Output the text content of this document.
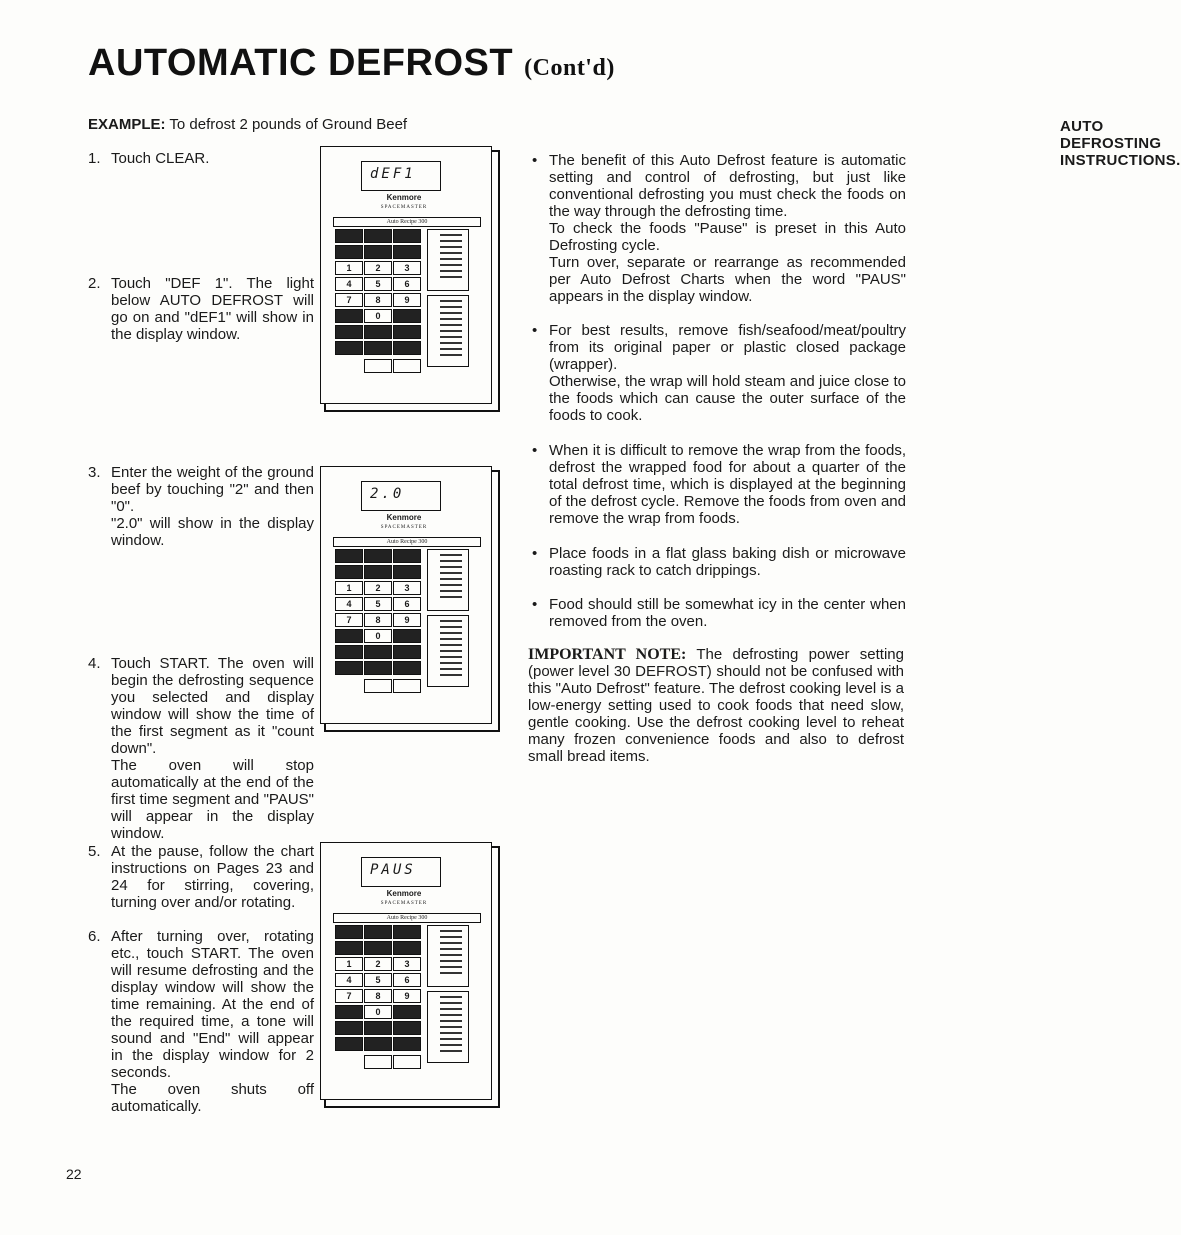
AUTOMATIC DEFROST (Cont'd)
EXAMPLE: To defrost 2 pounds of Ground Beef
1. Touch CLEAR.
2. Touch "DEF 1". The light below AUTO DEFROST will go on and "dEF1" will show in the display window.
3. Enter the weight of the ground beef by touching "2" and then "0".
"2.0" will show in the display window.
4. Touch START. The oven will begin the defrosting sequence you selected and display window will show the time of the first segment as it "count down".
The oven will stop automatically at the end of the first time segment and "PAUS" will appear in the display window.
5. At the pause, follow the chart instructions on Pages 23 and 24 for stirring, covering, turning over and/or rotating.
6. After turning over, rotating etc., touch START. The oven will resume defrosting and the display window will show the time remaining. At the end of the required time, a tone will sound and "End" will appear in the display window for 2 seconds.
The oven shuts off automatically.
dEF1
Kenmore
SPACEMASTER
Auto Recipe 300
1	2	3
4	5	6
7	8	9
0
2.0
Kenmore
SPACEMASTER
Auto Recipe 300
1	2	3
4	5	6
7	8	9
0
PAUS
Kenmore
SPACEMASTER
Auto Recipe 300
1	2	3
4	5	6
7	8	9
0
AUTO DEFROSTING INSTRUCTIONS.
• The benefit of this Auto Defrost feature is automatic setting and control of defrosting, but just like conventional defrosting you must check the foods on the way through the defrosting time.
To check the foods "Pause" is preset in this Auto Defrosting cycle.
Turn over, separate or rearrange as recommended per Auto Defrost Charts when the word "PAUS" appears in the display window.
• For best results, remove fish/seafood/meat/poultry from its original paper or plastic closed package (wrapper).
Otherwise, the wrap will hold steam and juice close to the foods which can cause the outer surface of the foods to cook.
• When it is difficult to remove the wrap from the foods, defrost the wrapped food for about a quarter of the total defrost time, which is displayed at the beginning of the defrost cycle. Remove the foods from oven and remove the wrap from foods.
• Place foods in a flat glass baking dish or microwave roasting rack to catch drippings.
• Food should still be somewhat icy in the center when removed from the oven.
IMPORTANT NOTE: The defrosting power setting (power level 30 DEFROST) should not be confused with this "Auto Defrost" feature. The defrost cooking level is a low-energy setting used to cook foods that need slow, gentle cooking. Use the defrost cooking level to reheat many frozen convenience foods and also to defrost small bread items.
22
